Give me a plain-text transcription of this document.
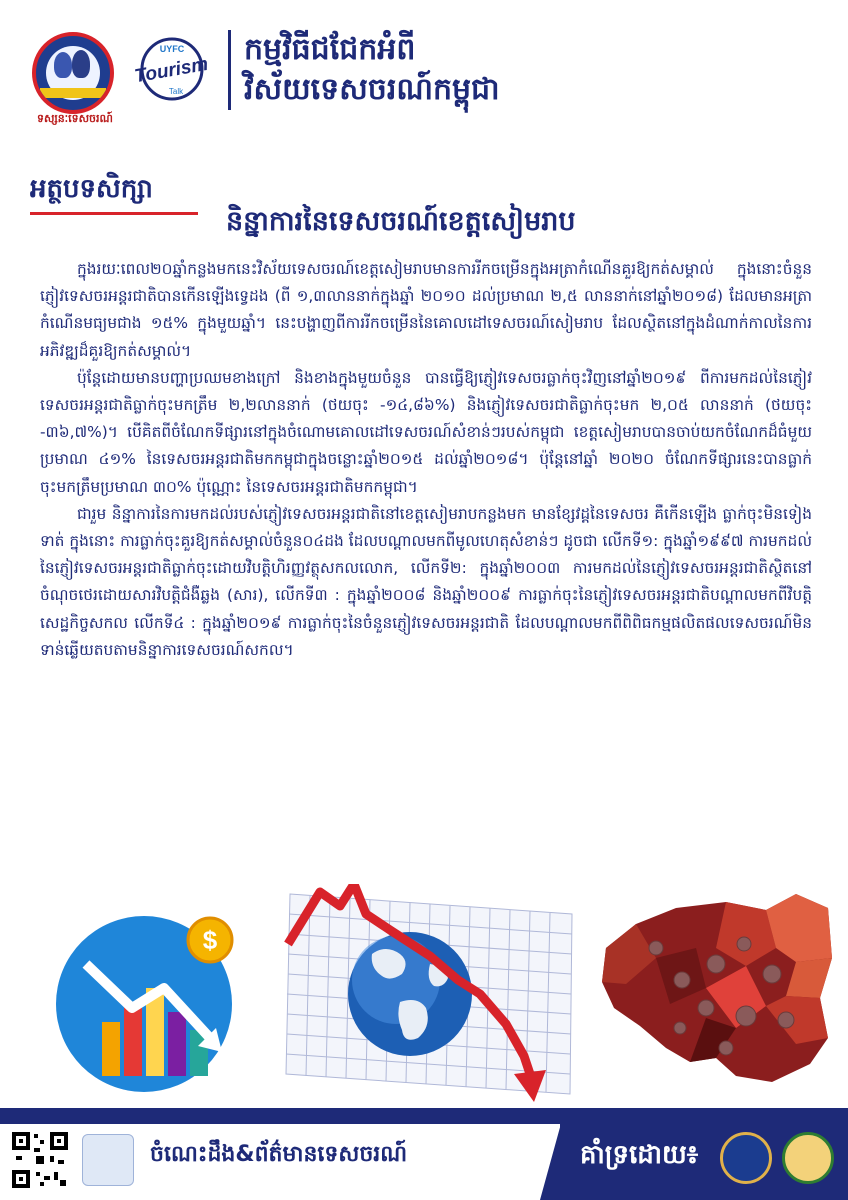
ទស្សនៈទេសចរណ៍
UYFC
Tourism
Talk
កម្មវិធីជជែកអំពី
វិស័យទេសចរណ៍កម្ពុជា
អត្ថបទសិក្សា
និន្នាការនៃទេសចរណ៍ខេត្តសៀមរាប

ក្នុងរយៈពេល២០ឆ្នាំកន្លងមកនេះវិស័យទេសចរណ៍ខេត្តសៀមរាបមានការរីកចម្រើនក្នុងអត្រាកំណើនគួរឱ្យកត់សម្គាល់ ក្នុងនោះចំនួនភ្ញៀវទេសចរអន្តរជាតិបានកើនឡើងទ្វេដង (ពី ១,៣លាននាក់ក្នុងឆ្នាំ ២០១០ ដល់ប្រមាណ ២,៥ លាននាក់នៅឆ្នាំ២០១៨) ដែលមានអត្រាកំណើនមធ្យមជាង ១៥% ក្នុងមួយឆ្នាំ។ នេះបង្ហាញពីការរីកចម្រើននៃគោលដៅទេសចរណ៍សៀមរាប ដែលស្ថិតនៅក្នុងដំណាក់កាលនៃការអភិវឌ្ឍដ៏គួរឱ្យកត់សម្គាល់។

ប៉ុន្តែដោយមានបញ្ហាប្រឈមខាងក្រៅ និងខាងក្នុងមួយចំនួន បានធ្វើឱ្យភ្ញៀវទេសចរធ្លាក់ចុះវិញនៅឆ្នាំ២០១៩ ពីការមកដល់នៃភ្ញៀវទេសចរអន្តរជាតិធ្លាក់ចុះមកត្រឹម ២,២លាននាក់ (ថយចុះ -១៤,៨៦%) និងភ្ញៀវទេសចរជាតិធ្លាក់ចុះមក ២,០៥ លាននាក់ (ថយចុះ -៣៦,៧%)។ បើគិតពីចំណែកទីផ្សារនៅក្នុងចំណោមគោលដៅទេសចរណ៍សំខាន់ៗរបស់កម្ពុជា ខេត្តសៀមរាបបានចាប់យកចំណែកដ៏ធំមួយប្រមាណ ៤១% នៃទេសចរអន្តរជាតិមកកម្ពុជាក្នុងចន្លោះឆ្នាំ២០១៥ ដល់ឆ្នាំ២០១៨។ ប៉ុន្តែនៅឆ្នាំ ២០២០ ចំណែកទីផ្សារនេះបានធ្លាក់ចុះមកត្រឹមប្រមាណ ៣០% ប៉ុណ្ណោះ នៃទេសចរអន្តរជាតិមកកម្ពុជា។

ជារួម និន្នាការនៃការមកដល់របស់ភ្ញៀវទេសចរអន្តរជាតិនៅខេត្តសៀមរាបកន្លងមក មានខ្សែវដ្តនៃទេសចរ គឺកើនឡើង ធ្លាក់ចុះមិនទៀងទាត់ ក្នុងនោះ ការធ្លាក់ចុះគួរឱ្យកត់សម្គាល់ចំនួន០៤ដង ដែលបណ្តាលមកពីមូលហេតុសំខាន់ៗ ដូចជា លើកទី១: ក្នុងឆ្នាំ១៩៩៧ ការមកដល់នៃភ្ញៀវទេសចរអន្តរជាតិធ្លាក់ចុះដោយវិបត្តិហិរញ្ញវត្ថុសកលលោក, លើកទី២: ក្នុងឆ្នាំ២០០៣ ការមកដល់នៃភ្ញៀវទេសចរអន្តរជាតិស្ថិតនៅចំណុចថេរដោយសារវិបត្តិជំងឺឆ្លង (សារ), លើកទី៣ : ក្នុងឆ្នាំ២០០៨ និងឆ្នាំ២០០៩ ការធ្លាក់ចុះនៃភ្ញៀវទេសចរអន្តរជាតិបណ្តាលមកពីវិបត្តិសេដ្ឋកិច្ចសកល លើកទី៤ : ក្នុងឆ្នាំ២០១៩ ការធ្លាក់ចុះនៃចំនួនភ្ញៀវទេសចរអន្តរជាតិ ដែលបណ្តាលមកពីពិពិធកម្មផលិតផលទេសចរណ៍មិនទាន់ឆ្លើយតបតាមនិន្នាការទេសចរណ៍សកល។

$
ចំណេះដឹង&ព័ត៌មានទេសចរណ៍	គាំទ្រដោយ៖
